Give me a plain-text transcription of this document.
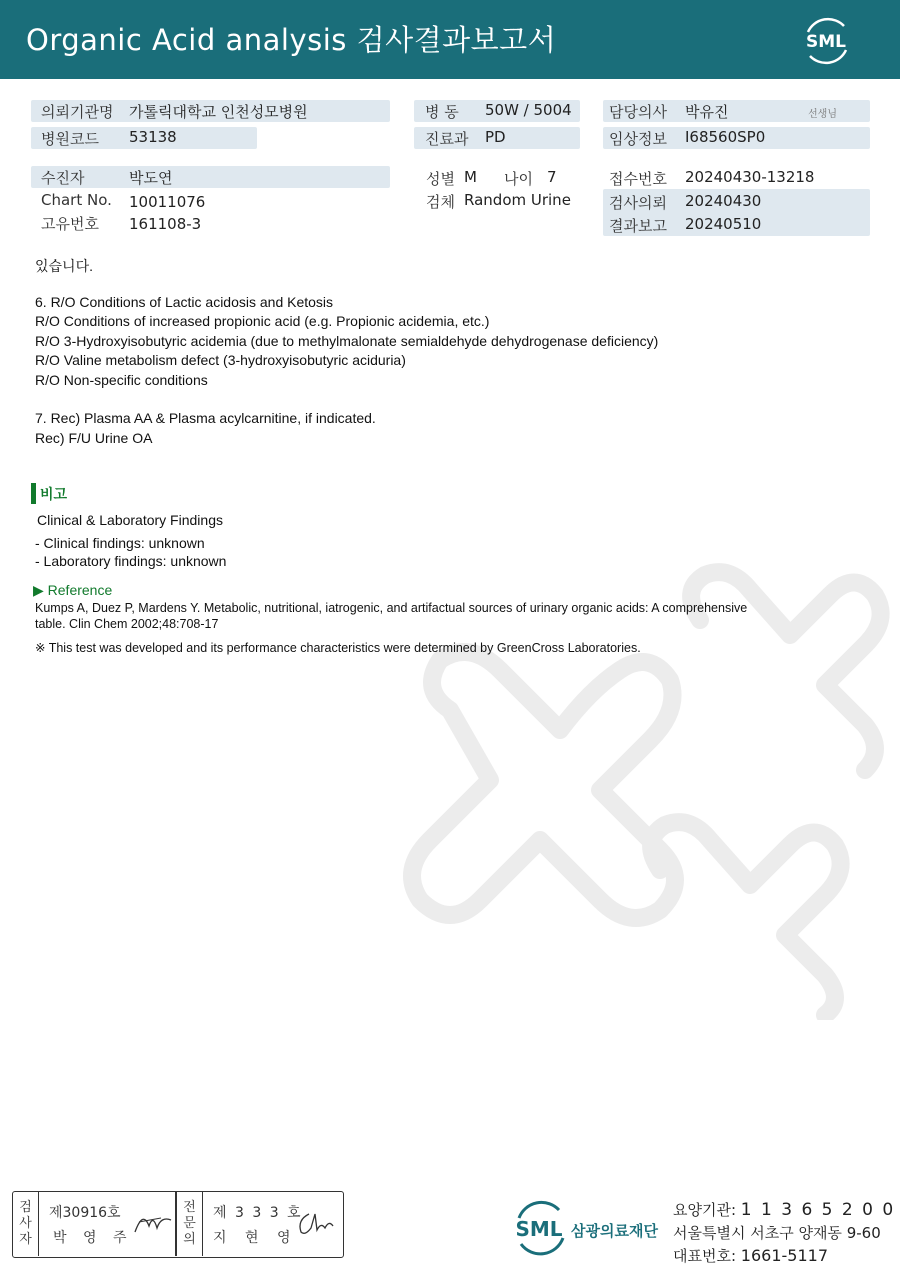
Organic Acid analysis 검사결과보고서	SML
의뢰기관명 가톨릭대학교 인천성모병원	병 동 50W / 5004 담당의사 박유진	선생님
병원코드 53138	진료과 PD	임상정보 I68560SP0
수진자	박도연	성별 M 나이 7	접수번호 20240430-13218
Chart No. 10011076	검체 Random Urine	검사의뢰 20240430
고유번호 161108-3	결과보고 20240510
있습니다.
6. R/O Conditions of Lactic acidosis and Ketosis
R/O Conditions of increased propionic acid (e.g. Propionic acidemia, etc.)
R/O 3-Hydroxyisobutyric acidemia (due to methylmalonate semialdehyde dehydrogenase deficiency)
R/O Valine metabolism defect (3-hydroxyisobutyric aciduria)
R/O Non-specific conditions
7. Rec) Plasma AA & Plasma acylcarnitine, if indicated.
Rec) F/U Urine OA
비고
Clinical & Laboratory Findings
- Clinical findings: unknown
- Laboratory findings: unknown
▶ Reference
Kumps A, Duez P, Mardens Y. Metabolic, nutritional, iatrogenic, and artifactual sources of urinary organic acids: A comprehensive
table. Clin Chem 2002;48:708-17
※ This test was developed and its performance characteristics were determined by GreenCross Laboratories.
검사자
제30916호
박 영 주
전문의
제 3 3 3 호
지 현 영	SML 삼광의료재단
요양기관: 1 1 3 6 5 2 0 0
서울특별시 서초구 양재동 9-60
대표번호: 1661-5117
